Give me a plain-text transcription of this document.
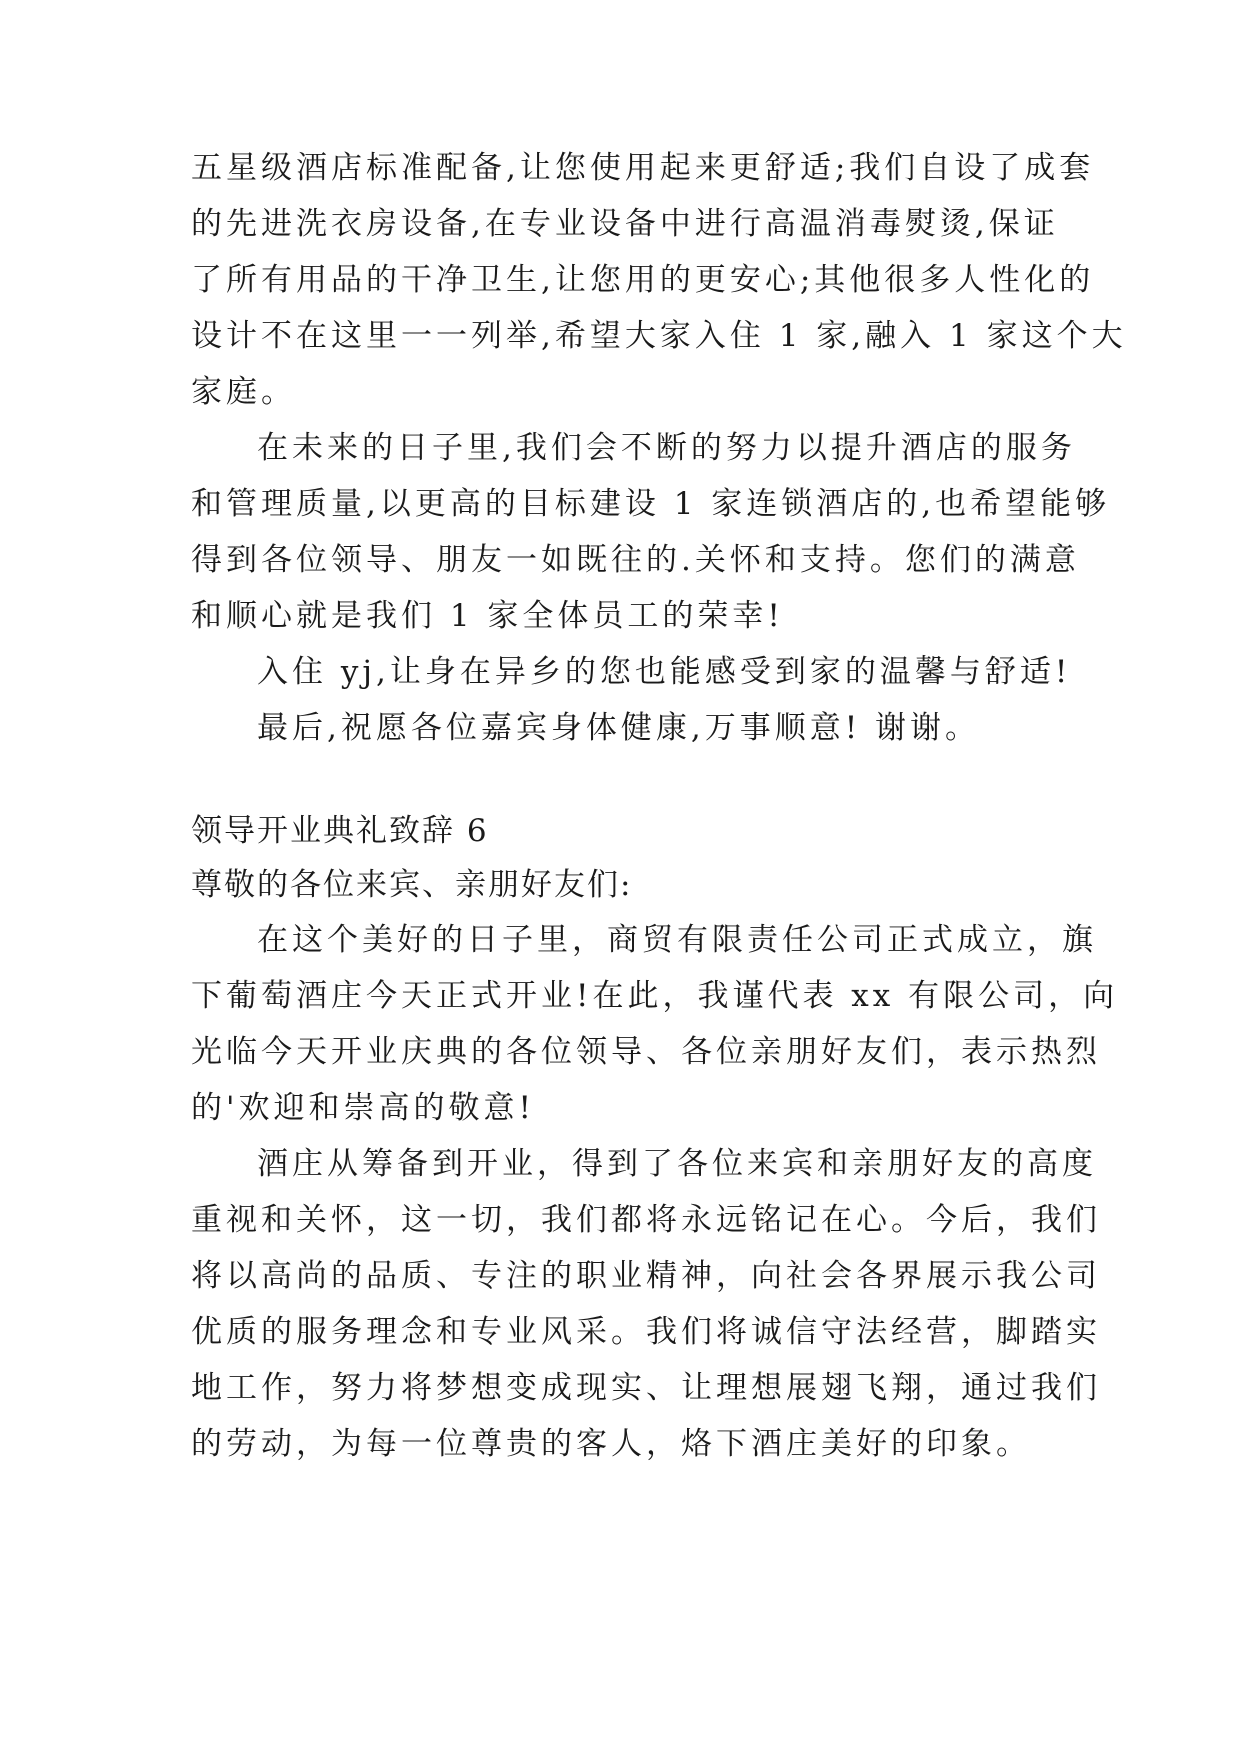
五星级酒店标准配备,让您使用起来更舒适;我们自设了成套
的先进洗衣房设备,在专业设备中进行高温消毒熨烫,保证
了所有用品的干净卫生,让您用的更安心;其他很多人性化的
设计不在这里一一列举,希望大家入住 1 家,融入 1 家这个大
家庭。
在未来的日子里,我们会不断的努力以提升酒店的服务
和管理质量,以更高的目标建设 1 家连锁酒店的,也希望能够
得到各位领导、朋友一如既往的.关怀和支持。您们的满意
和顺心就是我们 1 家全体员工的荣幸!
入住 yj,让身在异乡的您也能感受到家的温馨与舒适!
最后,祝愿各位嘉宾身体健康,万事顺意! 谢谢。
领导开业典礼致辞 6
尊敬的各位来宾、亲朋好友们:
在这个美好的日子里，商贸有限责任公司正式成立，旗
下葡萄酒庄今天正式开业!在此，我谨代表 xx 有限公司，向
光临今天开业庆典的各位领导、各位亲朋好友们，表示热烈
的'欢迎和崇高的敬意!
酒庄从筹备到开业，得到了各位来宾和亲朋好友的高度
重视和关怀，这一切，我们都将永远铭记在心。今后，我们
将以高尚的品质、专注的职业精神，向社会各界展示我公司
优质的服务理念和专业风采。我们将诚信守法经营，脚踏实
地工作，努力将梦想变成现实、让理想展翅飞翔，通过我们
的劳动，为每一位尊贵的客人，烙下酒庄美好的印象。
